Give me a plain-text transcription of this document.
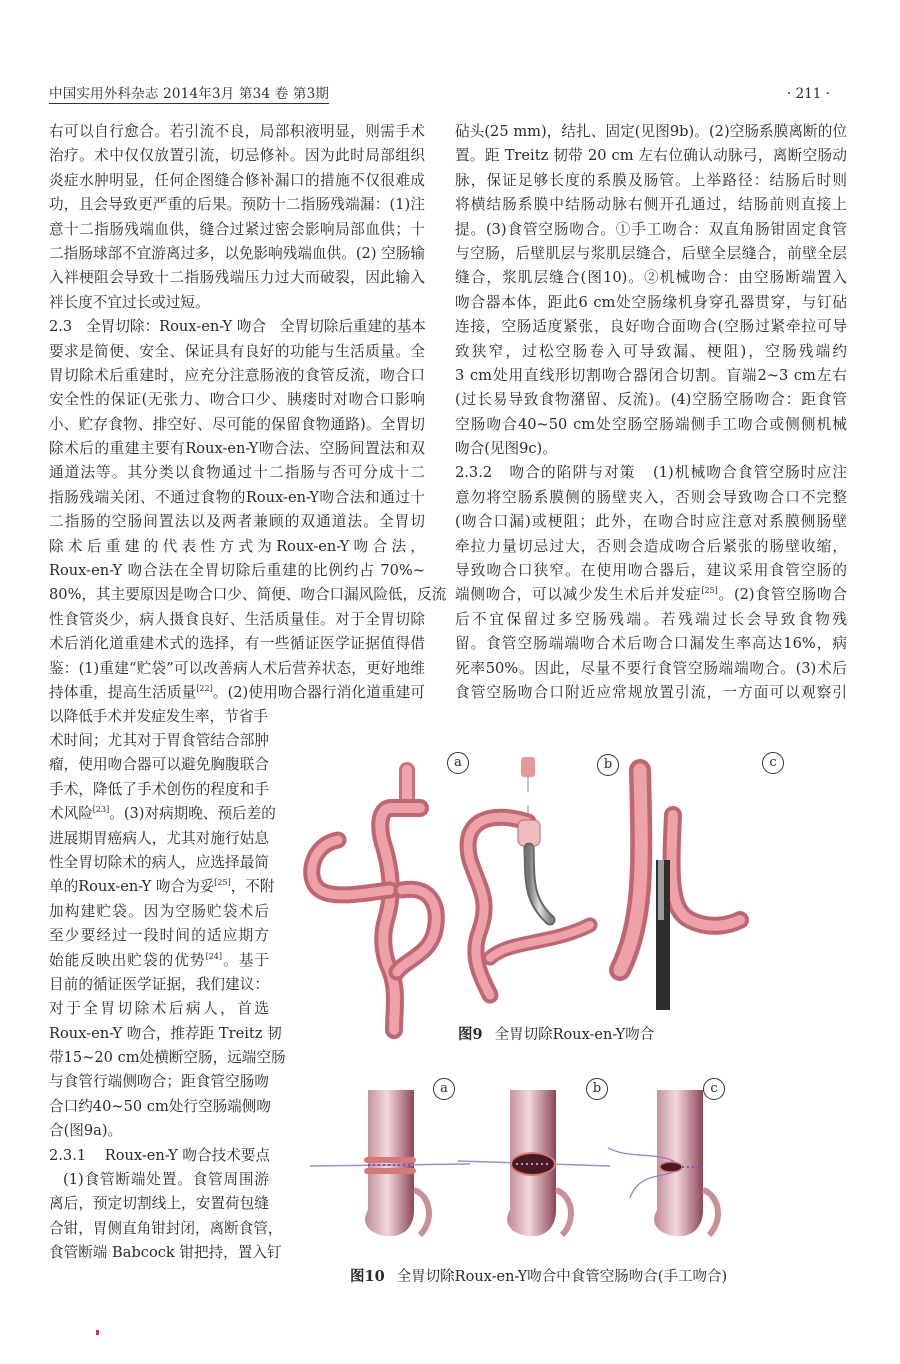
中国实用外科杂志 2014年3月 第34 卷 第3期	· 211 ·
右可以自行愈合。若引流不良，局部积液明显，则需手术
治疗。术中仅仅放置引流，切忌修补。因为此时局部组织
炎症水肿明显，任何企图缝合修补漏口的措施不仅很难成
功，且会导致更严重的后果。预防十二指肠残端漏：(1)注
意十二指肠残端血供，缝合过紧过密会影响局部血供；十
二指肠球部不宜游离过多，以免影响残端血供。(2) 空肠输
入袢梗阻会导致十二指肠残端压力过大而破裂，因此输入
袢长度不宜过长或过短。
2.3 全胃切除：Roux-en-Y 吻合 全胃切除后重建的基本
要求是简便、安全、保证具有良好的功能与生活质量。全
胃切除术后重建时，应充分注意肠液的食管反流，吻合口
安全性的保证(无张力、吻合口少、胰瘘时对吻合口影响
小、贮存食物、排空好、尽可能的保留食物通路)。全胃切
除术后的重建主要有Roux-en-Y吻合法、空肠间置法和双
通道法等。其分类以食物通过十二指肠与否可分成十二
指肠残端关闭、不通过食物的Roux-en-Y吻合法和通过十
二指肠的空肠间置法以及两者兼顾的双通道法。全胃切
除术后重建的代表性方式为Roux-en-Y吻合法，
Roux-en-Y 吻合法在全胃切除后重建的比例约占 70%~
80%，其主要原因是吻合口少、简便、吻合口漏风险低，反流
性食管炎少，病人摄食良好、生活质量佳。对于全胃切除
术后消化道重建术式的选择，有一些循证医学证据值得借
鉴：(1)重建“贮袋”可以改善病人术后营养状态，更好地维
持体重，提高生活质量[22]。(2)使用吻合器行消化道重建可
以降低手术并发症发生率，节省手
术时间；尤其对于胃食管结合部肿
瘤，使用吻合器可以避免胸腹联合
手术，降低了手术创伤的程度和手
术风险[23]。(3)对病期晚、预后差的
进展期胃癌病人，尤其对施行姑息
性全胃切除术的病人，应选择最简
单的Roux-en-Y 吻合为妥[25]，不附
加构建贮袋。因为空肠贮袋术后
至少要经过一段时间的适应期方
始能反映出贮袋的优势[24]。基于
目前的循证医学证据，我们建议：
对于全胃切除术后病人，首选
Roux-en-Y 吻合，推荐距 Treitz 韧
带15~20 cm处横断空肠，远端空肠
与食管行端侧吻合；距食管空肠吻
合口约40~50 cm处行空肠端侧吻
合(图9a)。
2.3.1 Roux-en-Y 吻合技术要点
(1)食管断端处置。食管周围游
离后，预定切割线上，安置荷包缝
合钳，胃侧直角钳封闭，离断食管，
食管断端 Babcock 钳把持，置入钉
砧头(25 mm)，结扎、固定(见图9b)。(2)空肠系膜离断的位
置。距 Treitz 韧带 20 cm 左右位确认动脉弓，离断空肠动
脉，保证足够长度的系膜及肠管。上举路径：结肠后时则
将横结肠系膜中结肠动脉右侧开孔通过，结肠前则直接上
提。(3)食管空肠吻合。①手工吻合：双直角肠钳固定食管
与空肠，后壁肌层与浆肌层缝合，后壁全层缝合，前壁全层
缝合，浆肌层缝合(图10)。②机械吻合：由空肠断端置入
吻合器本体，距此6 cm处空肠缘机身穿孔器贯穿，与钉砧
连接，空肠适度紧张，良好吻合面吻合(空肠过紧牵拉可导
致狭窄，过松空肠卷入可导致漏、梗阻)，空肠残端约
3 cm处用直线形切割吻合器闭合切割。盲端2~3 cm左右
(过长易导致食物潴留、反流)。(4)空肠空肠吻合：距食管
空肠吻合40~50 cm处空肠空肠端侧手工吻合或侧侧机械
吻合(见图9c)。
2.3.2 吻合的陷阱与对策 (1)机械吻合食管空肠时应注
意勿将空肠系膜侧的肠壁夹入，否则会导致吻合口不完整
(吻合口漏)或梗阻；此外，在吻合时应注意对系膜侧肠壁
牵拉力量切忌过大，否则会造成吻合后紧张的肠壁收缩，
导致吻合口狭窄。在使用吻合器后，建议采用食管空肠的
端侧吻合，可以减少发生术后并发症[25]。(2)食管空肠吻合
后不宜保留过多空肠残端。若残端过长会导致食物残
留。食管空肠端端吻合术后吻合口漏发生率高达16%，病
死率50%。因此，尽量不要行食管空肠端端吻合。(3)术后
食管空肠吻合口附近应常规放置引流，一方面可以观察引
a	b	c
图9 全胃切除Roux-en-Y吻合
a	b	c
图10 全胃切除Roux-en-Y吻合中食管空肠吻合(手工吻合)
